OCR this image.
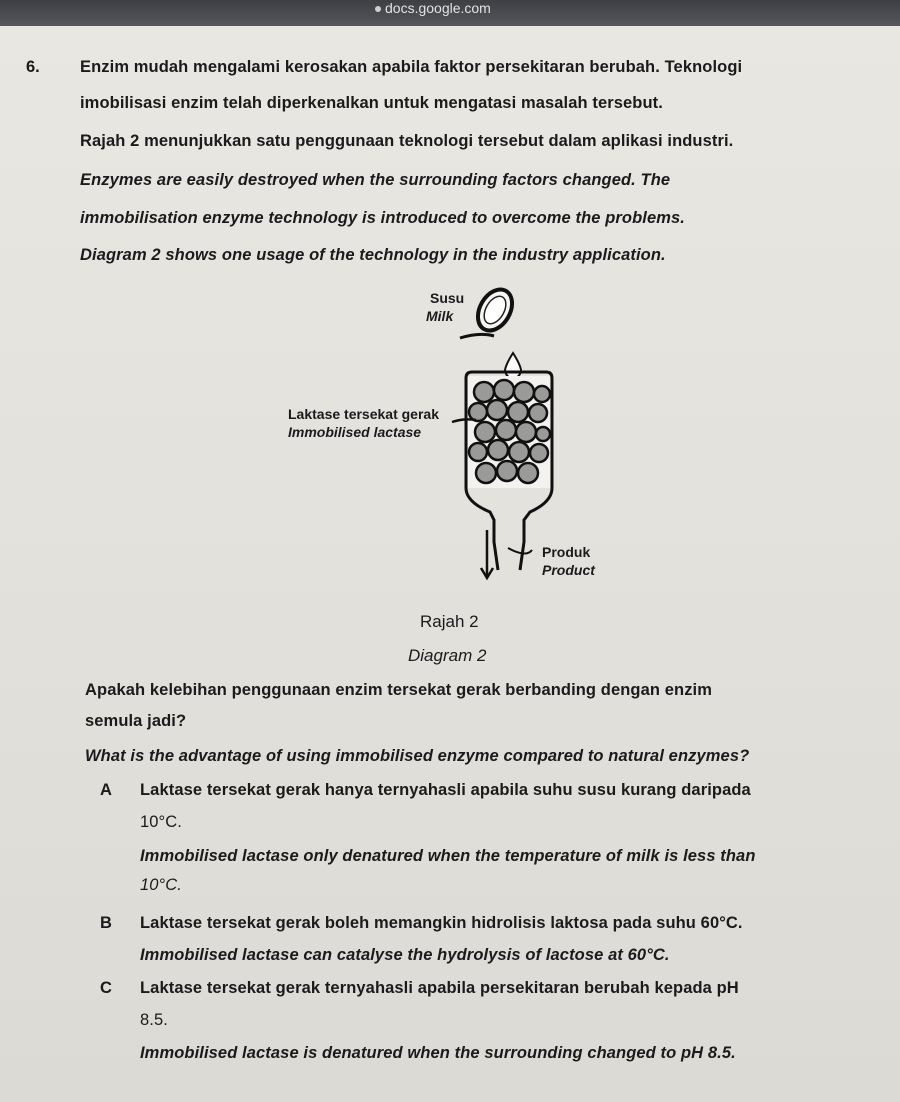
docs.google.com
6. Enzim mudah mengalami kerosakan apabila faktor persekitaran berubah. Teknologi
imobilisasi enzim telah diperkenalkan untuk mengatasi masalah tersebut.
Rajah 2 menunjukkan satu penggunaan teknologi tersebut dalam aplikasi industri.
Enzymes are easily destroyed when the surrounding factors changed. The
immobilisation enzyme technology is introduced to overcome the problems.
Diagram 2 shows one usage of the technology in the industry application.
Susu
Milk
Laktase tersekat gerak
Immobilised lactase
Produk
Product
Rajah 2
Diagram 2
Apakah kelebihan penggunaan enzim tersekat gerak berbanding dengan enzim
semula jadi?
What is the advantage of using immobilised enzyme compared to natural enzymes?
A Laktase tersekat gerak hanya ternyahasli apabila suhu susu kurang daripada
10°C.
Immobilised lactase only denatured when the temperature of milk is less than
10°C.
B Laktase tersekat gerak boleh memangkin hidrolisis laktosa pada suhu 60°C.
Immobilised lactase can catalyse the hydrolysis of lactose at 60°C.
C Laktase tersekat gerak ternyahasli apabila persekitaran berubah kepada pH
8.5.
Immobilised lactase is denatured when the surrounding changed to pH 8.5.
